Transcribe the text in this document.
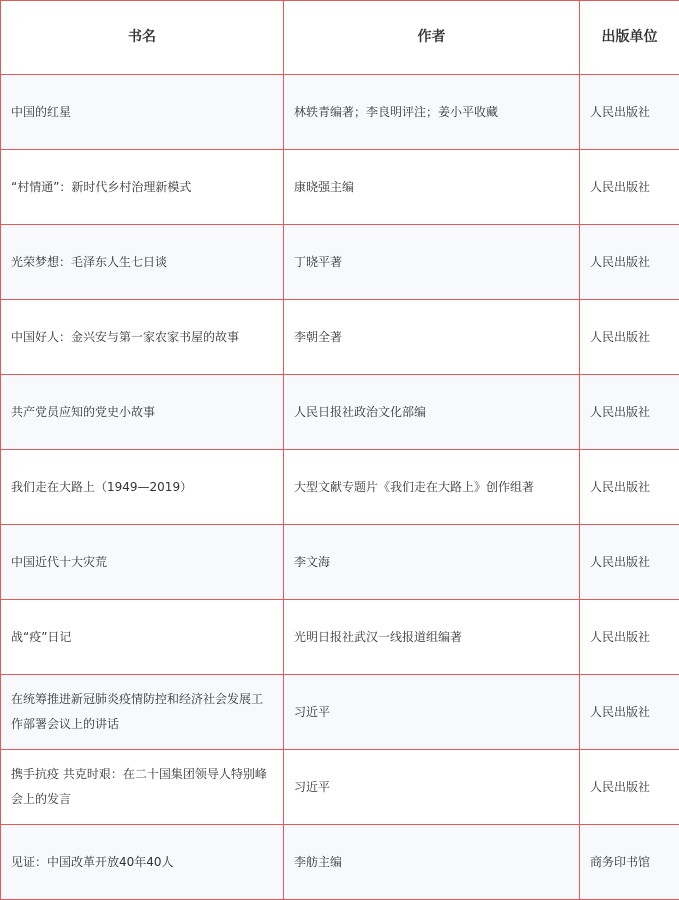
书名	作者	出版单位
中国的红星	林轶青编著；李良明评注；姜小平收藏	人民出版社
“村情通”：新时代乡村治理新模式	康晓强主编	人民出版社
光荣梦想：毛泽东人生七日谈	丁晓平著	人民出版社
中国好人：金兴安与第一家农家书屋的故事	李朝全著	人民出版社
共产党员应知的党史小故事	人民日报社政治文化部编	人民出版社
我们走在大路上（1949—2019）	大型文献专题片《我们走在大路上》创作组著	人民出版社
中国近代十大灾荒	李文海	人民出版社
战“疫”日记	光明日报社武汉一线报道组编著	人民出版社
在统筹推进新冠肺炎疫情防控和经济社会发展工作部署会议上的讲话	习近平	人民出版社
携手抗疫 共克时艰：在二十国集团领导人特别峰会上的发言	习近平	人民出版社
见证：中国改革开放40年40人	李舫主编	商务印书馆
